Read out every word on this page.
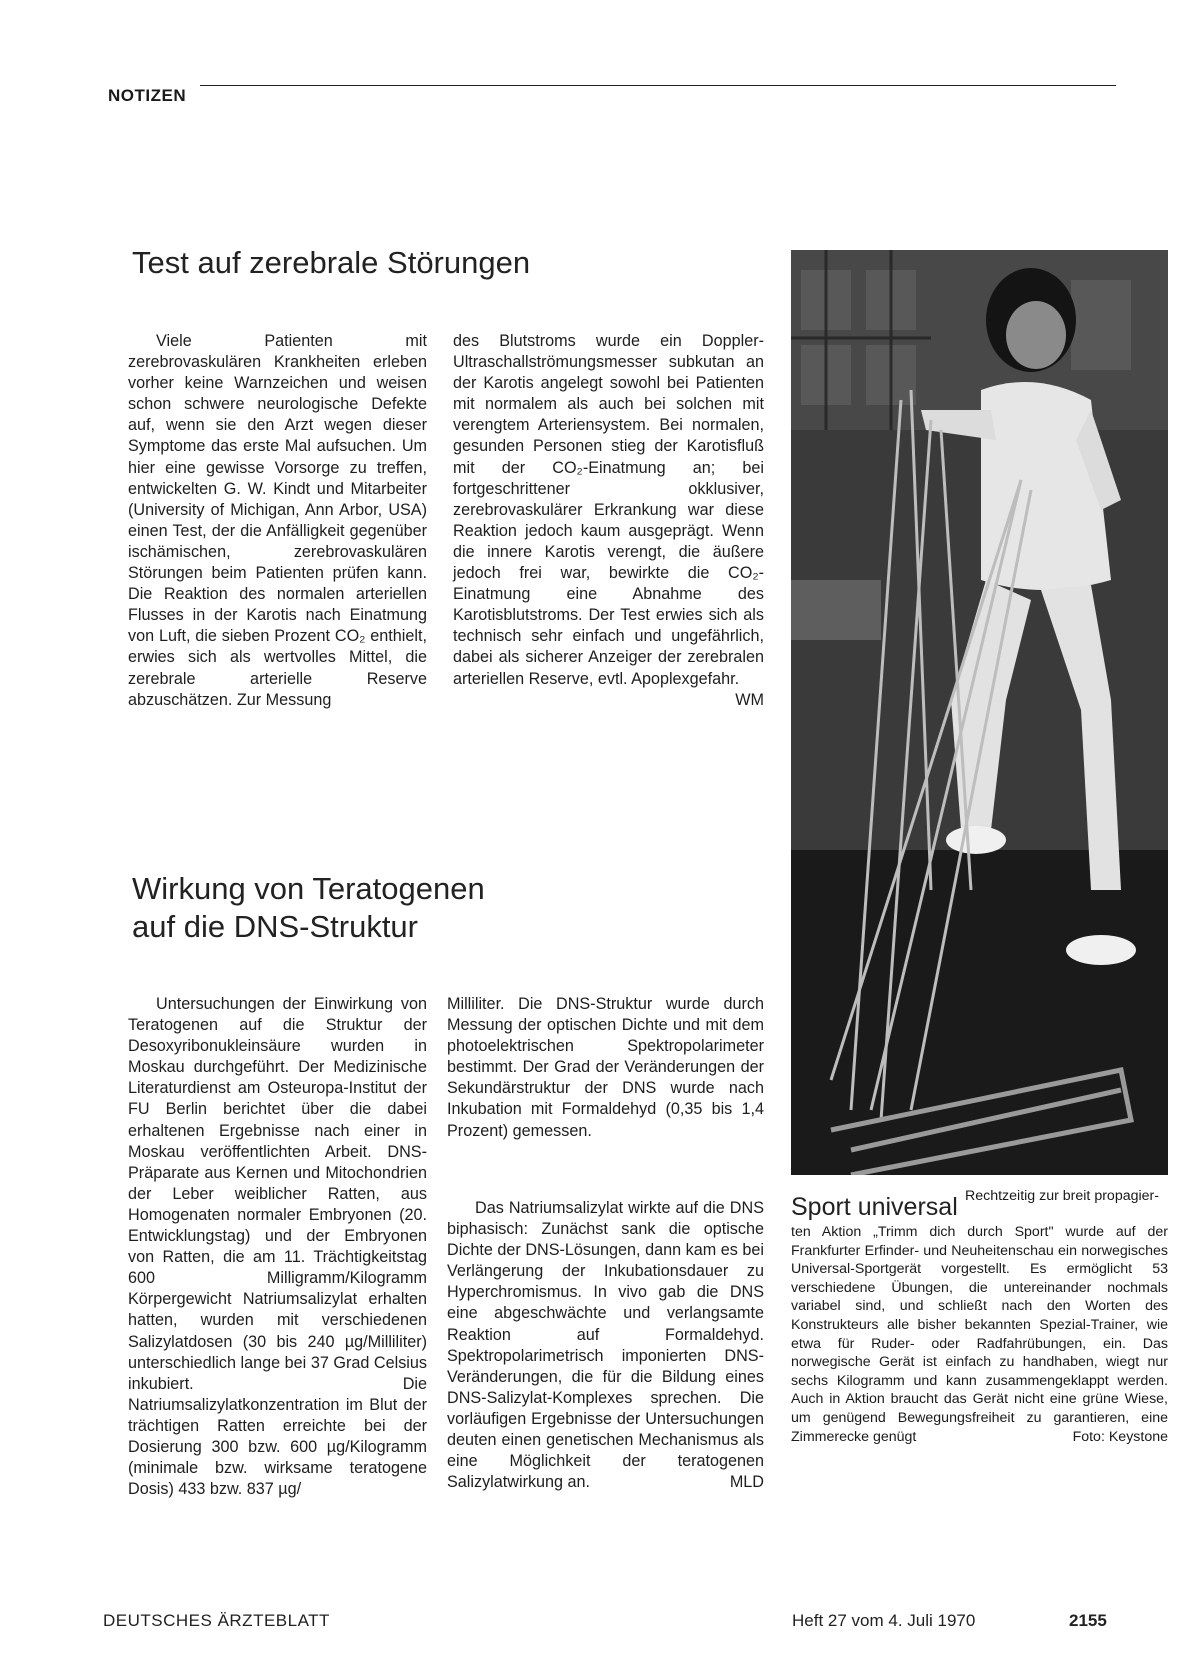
NOTIZEN
Test auf zerebrale Störungen

Viele Patienten mit zerebrovaskulären Krankheiten erleben vorher keine Warnzeichen und weisen schon schwere neurologische Defekte auf, wenn sie den Arzt wegen dieser Symptome das erste Mal aufsuchen. Um hier eine gewisse Vorsorge zu treffen, entwickelten G. W. Kindt und Mitarbeiter (University of Michigan, Ann Arbor, USA) einen Test, der die Anfälligkeit gegenüber ischämischen, zerebrovaskulären Störungen beim Patienten prüfen kann. Die Reaktion des normalen arteriellen Flusses in der Karotis nach Einatmung von Luft, die sieben Prozent CO₂ enthielt, erwies sich als wertvolles Mittel, die zerebrale arterielle Reserve abzuschätzen. Zur Messung

des Blutstroms wurde ein Doppler-Ultraschallströmungsmesser subkutan an der Karotis angelegt sowohl bei Patienten mit normalem als auch bei solchen mit verengtem Arteriensystem. Bei normalen, gesunden Personen stieg der Karotisfluß mit der CO₂-Einatmung an; bei fortgeschrittener okklusiver, zerebrovaskulärer Erkrankung war diese Reaktion jedoch kaum ausgeprägt. Wenn die innere Karotis verengt, die äußere jedoch frei war, bewirkte die CO₂-Einatmung eine Abnahme des Karotisblutstroms. Der Test erwies sich als technisch sehr einfach und ungefährlich, dabei als sicherer Anzeiger der zerebralen arteriellen Reserve, evtl. Apoplexgefahr.
WM

Wirkung von Teratogenen
auf die DNS-Struktur

Untersuchungen der Einwirkung von Teratogenen auf die Struktur der Desoxyribonukleinsäure wurden in Moskau durchgeführt. Der Medizinische Literaturdienst am Osteuropa-Institut der FU Berlin berichtet über die dabei erhaltenen Ergebnisse nach einer in Moskau veröffentlichten Arbeit. DNS-Präparate aus Kernen und Mitochondrien der Leber weiblicher Ratten, aus Homogenaten normaler Embryonen (20. Entwicklungstag) und der Embryonen von Ratten, die am 11. Trächtigkeitstag 600 Milligramm/Kilogramm Körpergewicht Natriumsalizylat erhalten hatten, wurden mit verschiedenen Salizylatdosen (30 bis 240 µg/Milliliter) unterschiedlich lange bei 37 Grad Celsius inkubiert. Die Natriumsalizylatkonzentration im Blut der trächtigen Ratten erreichte bei der Dosierung 300 bzw. 600 µg/Kilogramm (minimale bzw. wirksame teratogene Dosis) 433 bzw. 837 µg/

Milliliter. Die DNS-Struktur wurde durch Messung der optischen Dichte und mit dem photoelektrischen Spektropolarimeter bestimmt. Der Grad der Veränderungen der Sekundärstruktur der DNS wurde nach Inkubation mit Formaldehyd (0,35 bis 1,4 Prozent) gemessen.

Das Natriumsalizylat wirkte auf die DNS biphasisch: Zunächst sank die optische Dichte der DNS-Lösungen, dann kam es bei Verlängerung der Inkubationsdauer zu Hyperchromismus. In vivo gab die DNS eine abgeschwächte und verlangsamte Reaktion auf Formaldehyd. Spektropolarimetrisch imponierten DNS-Veränderungen, die für die Bildung eines DNS-Salizylat-Komplexes sprechen. Die vorläufigen Ergebnisse der Untersuchungen deuten einen genetischen Mechanismus als eine Möglichkeit der teratogenen Salizylatwirkung an.	MLD

Sport universal Rechtzeitig zur breit propagier-
ten Aktion „Trimm dich durch Sport" wurde auf der Frankfurter Erfinder- und Neuheitenschau ein norwegisches Universal-Sportgerät vorgestellt. Es ermöglicht 53 verschiedene Übungen, die untereinander nochmals variabel sind, und schließt nach den Worten des Konstrukteurs alle bisher bekannten Spezial-Trainer, wie etwa für Ruder- oder Radfahrübungen, ein. Das norwegische Gerät ist einfach zu handhaben, wiegt nur sechs Kilogramm und kann zusammengeklappt werden. Auch in Aktion braucht das Gerät nicht eine grüne Wiese, um genügend Bewegungsfreiheit zu garantieren, eine Zimmerecke genügt	Foto: Keystone
DEUTSCHES ÄRZTEBLATT	Heft 27 vom 4. Juli 1970	2155
